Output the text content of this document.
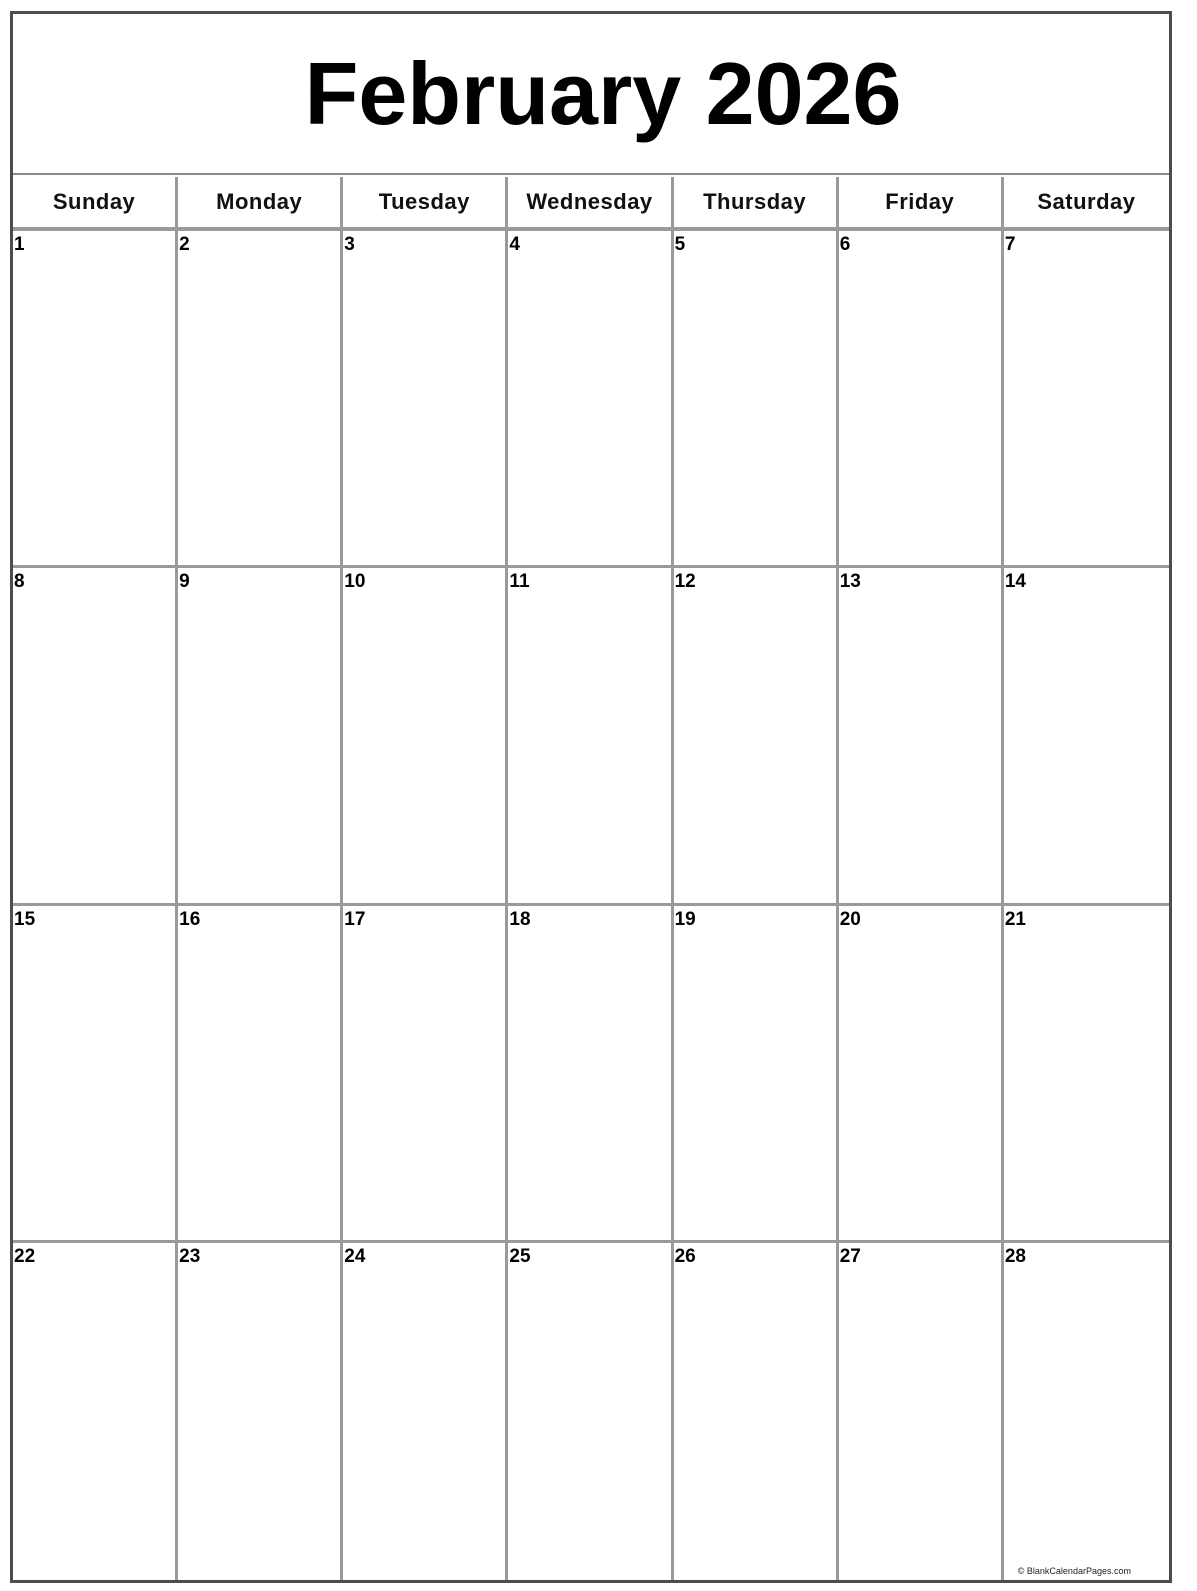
February 2026
Sunday	Monday	Tuesday	Wednesday	Thursday	Friday	Saturday
1	2	3	4	5	6	7
8	9	10	11	12	13	14
15	16	17	18	19	20	21
22	23	24	25	26	27	28
© BlankCalendarPages.com
